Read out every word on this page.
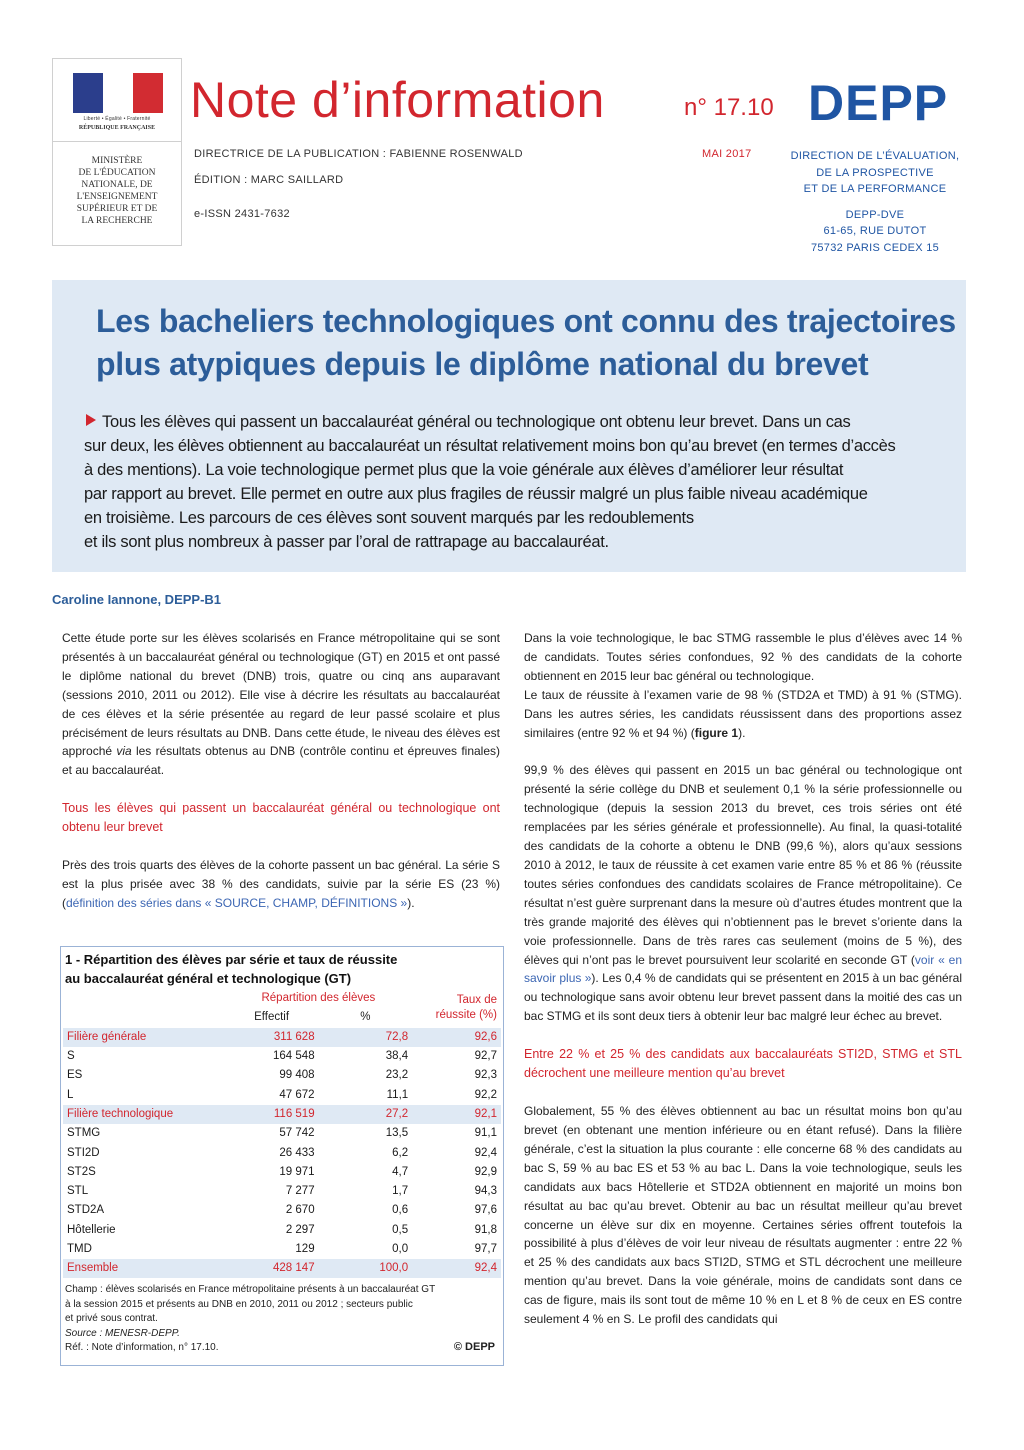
Liberté • Égalité • Fraternité
RÉPUBLIQUE FRANÇAISE
MINISTÈRE
DE L'ÉDUCATION
NATIONALE, DE
L'ENSEIGNEMENT
SUPÉRIEUR ET DE
LA RECHERCHE
Note d’information	n° 17.10 DEPP
DIRECTRICE DE LA PUBLICATION : FABIENNE ROSENWALD
ÉDITION : MARC SAILLARD
e-ISSN 2431-7632
MAI 2017	DIRECTION DE L’ÉVALUATION,
DE LA PROSPECTIVE
ET DE LA PERFORMANCE
DEPP-DVE
61-65, RUE DUTOT
75732 PARIS CEDEX 15
Les bacheliers technologiques ont connu des trajectoires
plus atypiques depuis le diplôme national du brevet
Tous les élèves qui passent un baccalauréat général ou technologique ont obtenu leur brevet. Dans un cas
sur deux, les élèves obtiennent au baccalauréat un résultat relativement moins bon qu’au brevet (en termes d’accès
à des mentions). La voie technologique permet plus que la voie générale aux élèves d’améliorer leur résultat
par rapport au brevet. Elle permet en outre aux plus fragiles de réussir malgré un plus faible niveau académique
en troisième. Les parcours de ces élèves sont souvent marqués par les redoublements
et ils sont plus nombreux à passer par l’oral de rattrapage au baccalauréat.
Caroline Iannone, DEPP-B1

Cette étude porte sur les élèves scolarisés en France métropolitaine qui se sont présentés à un baccalauréat général ou technologique (GT) en 2015 et ont passé le diplôme national du brevet (DNB) trois, quatre ou cinq ans auparavant (sessions 2010, 2011 ou 2012). Elle vise à décrire les résultats au baccalauréat de ces élèves et la série présentée au regard de leur passé scolaire et plus précisément de leurs résultats au DNB. Dans cette étude, le niveau des élèves est approché via les résultats obtenus au DNB (contrôle continu et épreuves finales) et au baccalauréat.

Tous les élèves qui passent un baccalauréat général ou technologique ont obtenu leur brevet

Près des trois quarts des élèves de la cohorte passent un bac général. La série S est la plus prisée avec 38 % des candidats, suivie par la série ES (23 %) (définition des séries dans « SOURCE, CHAMP, DÉFINITIONS »).

1 - Répartition des élèves par série et taux de réussite
au baccalauréat général et technologique (GT)
	Répartition des élèves		Taux de réussite (%)
	Effectif	%	
Filière générale	311 628	72,8	92,6
S	164 548	38,4	92,7
ES	99 408	23,2	92,3
L	47 672	11,1	92,2
Filière technologique	116 519	27,2	92,1
STMG	57 742	13,5	91,1
STI2D	26 433	6,2	92,4
ST2S	19 971	4,7	92,9
STL	7 277	1,7	94,3
STD2A	2 670	0,6	97,6
Hôtellerie	2 297	0,5	91,8
TMD	129	0,0	97,7
Ensemble	428 147	100,0	92,4
Champ : élèves scolarisés en France métropolitaine présents à un baccalauréat GT
à la session 2015 et présents au DNB en 2010, 2011 ou 2012 ; secteurs public
et privé sous contrat.
Source : MENESR-DEPP.
Réf. : Note d’information, n° 17.10.	© DEPP

Dans la voie technologique, le bac STMG rassemble le plus d’élèves avec 14 % de candidats. Toutes séries confondues, 92 % des candidats de la cohorte obtiennent en 2015 leur bac général ou technologique.

Le taux de réussite à l’examen varie de 98 % (STD2A et TMD) à 91 % (STMG). Dans les autres séries, les candidats réussissent dans des proportions assez similaires (entre 92 % et 94 %) (figure 1).

99,9 % des élèves qui passent en 2015 un bac général ou technologique ont présenté la série collège du DNB et seulement 0,1 % la série professionnelle ou technologique (depuis la session 2013 du brevet, ces trois séries ont été remplacées par les séries générale et professionnelle). Au final, la quasi-totalité des candidats de la cohorte a obtenu le DNB (99,6 %), alors qu’aux sessions 2010 à 2012, le taux de réussite à cet examen varie entre 85 % et 86 % (réussite toutes séries confondues des candidats scolaires de France métropolitaine). Ce résultat n’est guère surprenant dans la mesure où d’autres études montrent que la très grande majorité des élèves qui n’obtiennent pas le brevet s’oriente dans la voie professionnelle. Dans de très rares cas seulement (moins de 5 %), des élèves qui n’ont pas le brevet poursuivent leur scolarité en seconde GT (voir « en savoir plus »). Les 0,4 % de candidats qui se présentent en 2015 à un bac général ou technologique sans avoir obtenu leur brevet passent dans la moitié des cas un bac STMG et ils sont deux tiers à obtenir leur bac malgré leur échec au brevet.

Entre 22 % et 25 % des candidats aux baccalauréats STI2D, STMG et STL décrochent une meilleure mention qu’au brevet

Globalement, 55 % des élèves obtiennent au bac un résultat moins bon qu’au brevet (en obtenant une mention inférieure ou en étant refusé). Dans la filière générale, c’est la situation la plus courante : elle concerne 68 % des candidats au bac S, 59 % au bac ES et 53 % au bac L. Dans la voie technologique, seuls les candidats aux bacs Hôtellerie et STD2A obtiennent en majorité un moins bon résultat au bac qu’au brevet. Obtenir au bac un résultat meilleur qu’au brevet concerne un élève sur dix en moyenne. Certaines séries offrent toutefois la possibilité à plus d’élèves de voir leur niveau de résultats augmenter : entre 22 % et 25 % des candidats aux bacs STI2D, STMG et STL décrochent une meilleure mention qu’au brevet. Dans la voie générale, moins de candidats sont dans ce cas de figure, mais ils sont tout de même 10 % en L et 8 % de ceux en ES contre seulement 4 % en S. Le profil des candidats qui
